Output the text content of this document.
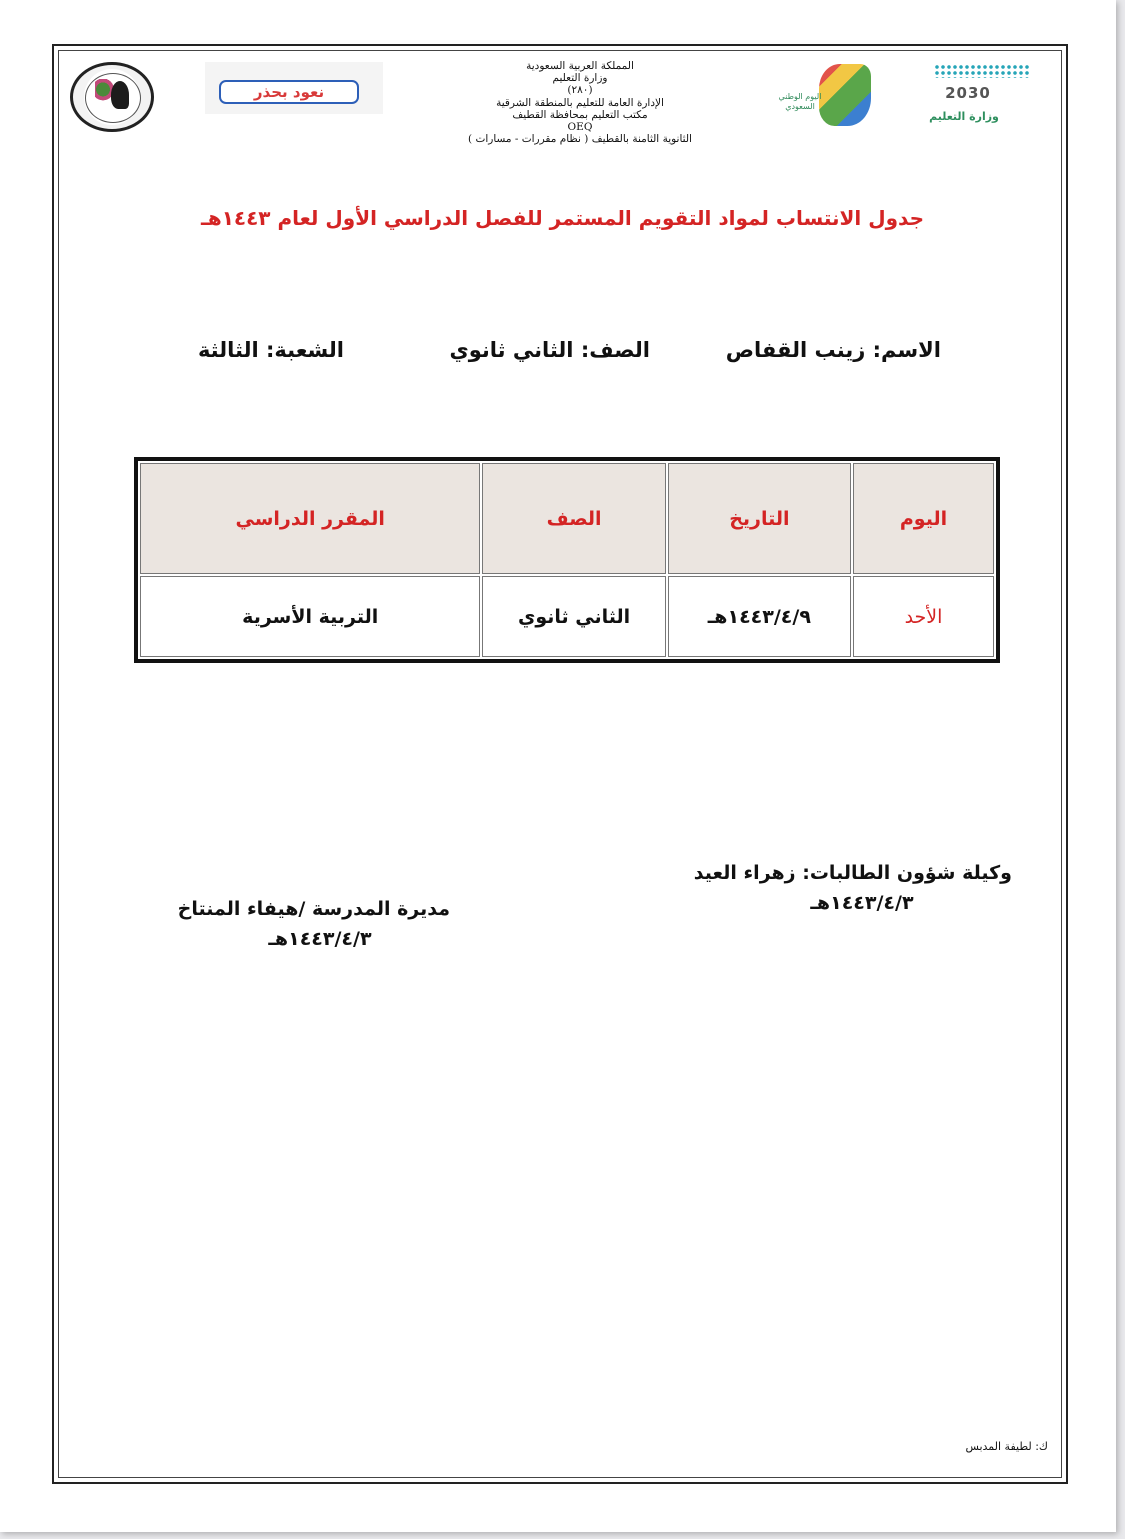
نعود بحذر
المملكة العربية السعودية
وزارة التعليم
(٢٨٠)
الإدارة العامة للتعليم بالمنطقة الشرقية
مكتب التعليم بمحافظة القطيف
OEQ
الثانوية الثامنة بالقطيف ( نظام مقررات - مسارات )
اليوم الوطني السعودي
2030
وزارة التعليم
جدول الانتساب لمواد التقويم المستمر للفصل الدراسي الأول لعام ١٤٤٣هـ
الاسم: زينب القفاص
الصف: الثاني ثانوي
الشعبة: الثالثة
اليوم	التاريخ	الصف	المقرر الدراسي
الأحد	١٤٤٣/٤/٩هـ	الثاني ثانوي	التربية الأسرية
وكيلة شؤون الطالبات: زهراء العيد
١٤٤٣/٤/٣هـ
مديرة المدرسة /هيفاء المنتاخ
١٤٤٣/٤/٣هـ
ك: لطيفة المدبس
